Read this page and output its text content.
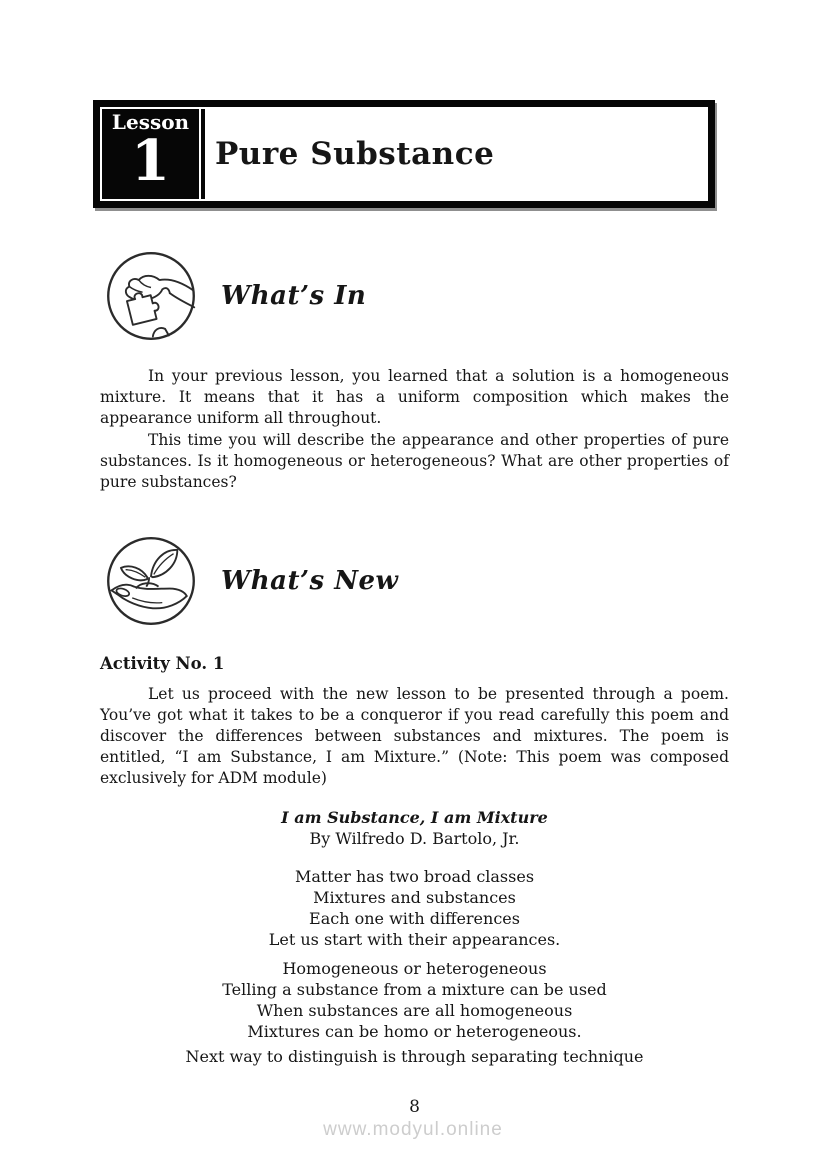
Lesson
1 Pure Substance
What’s In

In your previous lesson, you learned that a solution is a homogeneous mixture. It means that it has a uniform composition which makes the appearance uniform all throughout.

This time you will describe the appearance and other properties of pure substances. Is it homogeneous or heterogeneous? What are other properties of pure substances?

What’s New
Activity No. 1

Let us proceed with the new lesson to be presented through a poem. You’ve got what it takes to be a conqueror if you read carefully this poem and discover the differences between substances and mixtures. The poem is entitled, “I am Substance, I am Mixture.” (Note: This poem was composed exclusively for ADM module)

I am Substance, I am Mixture
By Wilfredo D. Bartolo, Jr.
Matter has two broad classes
Mixtures and substances
Each one with differences
Let us start with their appearances.
Homogeneous or heterogeneous
Telling a substance from a mixture can be used
When substances are all homogeneous
Mixtures can be homo or heterogeneous.
Next way to distinguish is through separating technique
8
www.modyul.online
